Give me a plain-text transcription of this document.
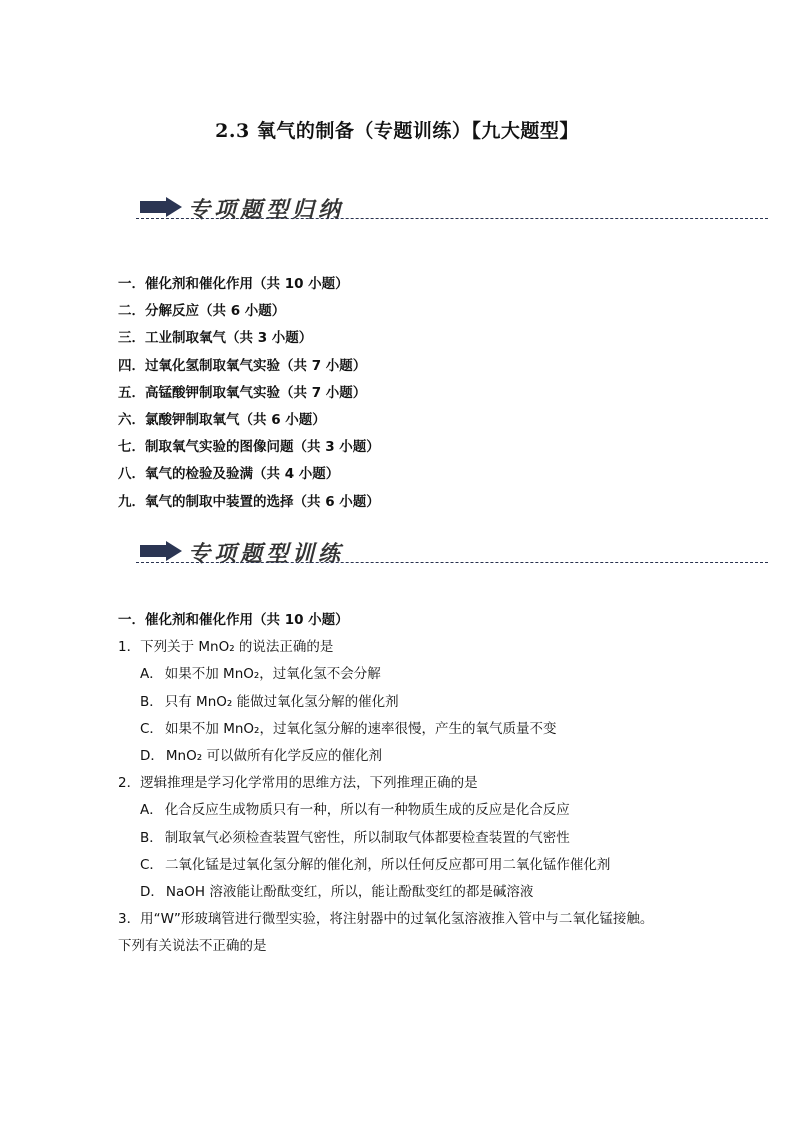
2.3 氧气的制备（专题训练）【九大题型】
专项题型归纳
一．催化剂和催化作用（共 10 小题）
二．分解反应（共 6 小题）
三．工业制取氧气（共 3 小题）
四．过氧化氢制取氧气实验（共 7 小题）
五．高锰酸钾制取氧气实验（共 7 小题）
六．氯酸钾制取氧气（共 6 小题）
七．制取氧气实验的图像问题（共 3 小题）
八．氧气的检验及验满（共 4 小题）
九．氧气的制取中装置的选择（共 6 小题）
专项题型训练
一．催化剂和催化作用（共 10 小题）
1．下列关于 MnO₂ 的说法正确的是
A． 如果不加 MnO₂，过氧化氢不会分解
B． 只有 MnO₂ 能做过氧化氢分解的催化剂
C． 如果不加 MnO₂，过氧化氢分解的速率很慢，产生的氧气质量不变
D． MnO₂ 可以做所有化学反应的催化剂
2．逻辑推理是学习化学常用的思维方法，下列推理正确的是
A． 化合反应生成物质只有一种，所以有一种物质生成的反应是化合反应
B． 制取氧气必须检查装置气密性，所以制取气体都要检查装置的气密性
C． 二氧化锰是过氧化氢分解的催化剂，所以任何反应都可用二氧化锰作催化剂
D． NaOH 溶液能让酚酞变红，所以，能让酚酞变红的都是碱溶液
3．用“W”形玻璃管进行微型实验，将注射器中的过氧化氢溶液推入管中与二氧化锰接触。
下列有关说法不正确的是
